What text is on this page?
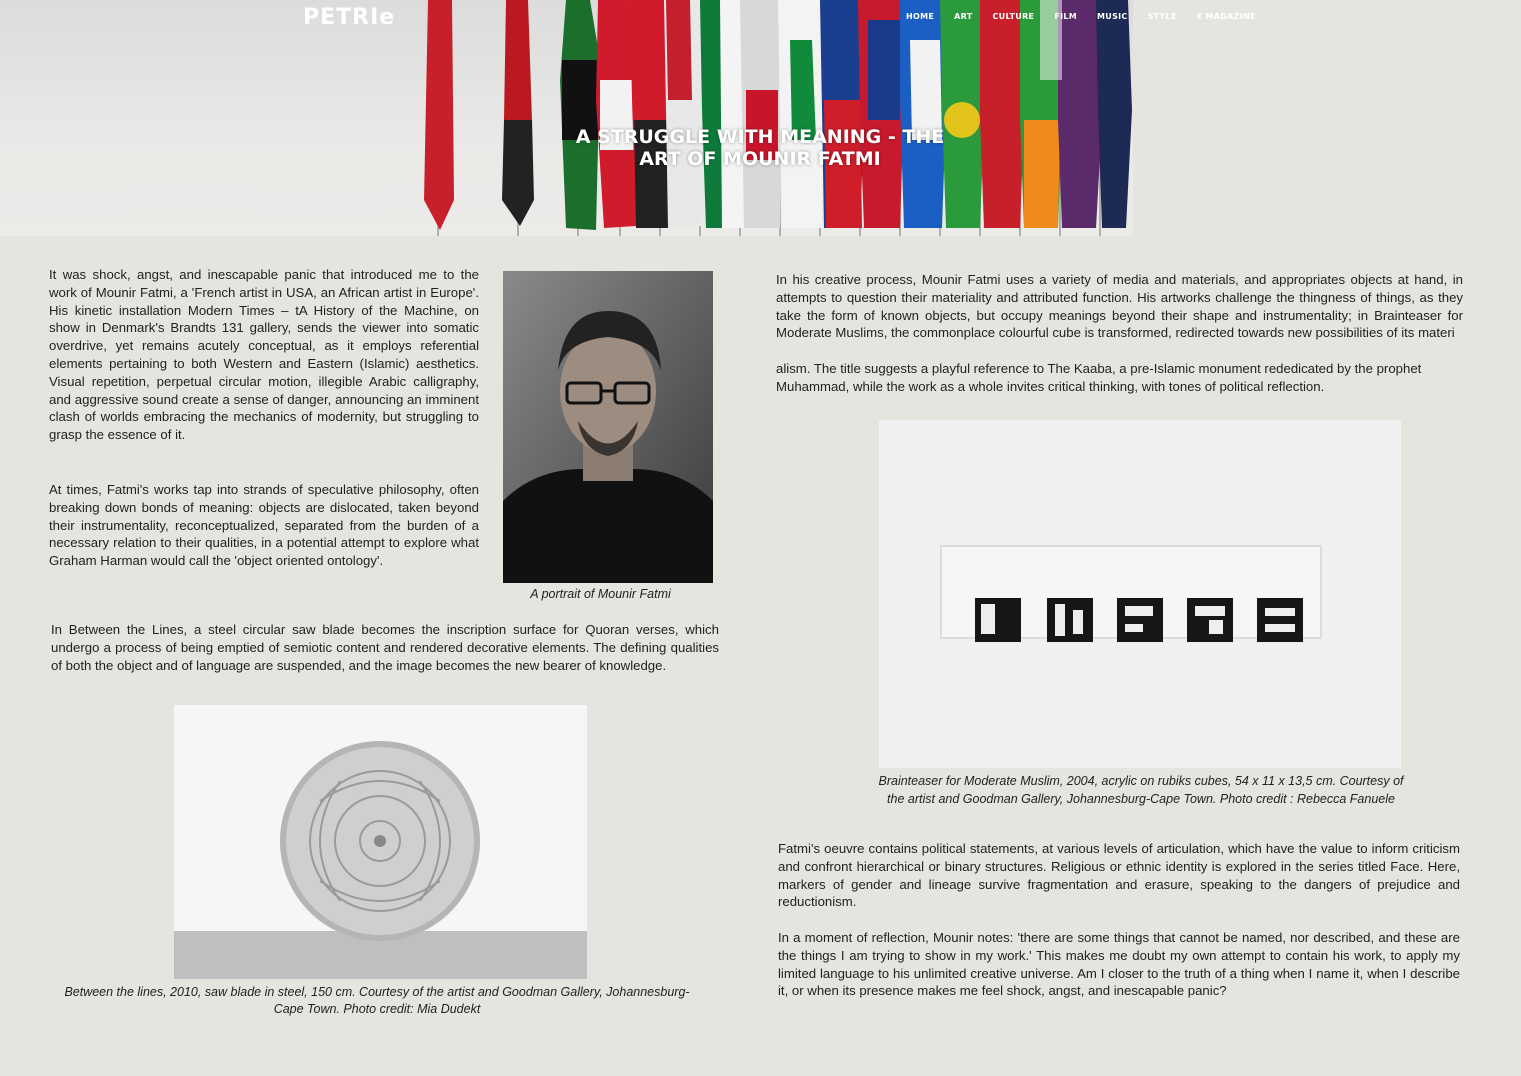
PETRIe	HOME	ART	CULTURE	FILM	MUSIC	STYLE	E MAGAZINE
A STRUGGLE WITH MEANING - THE ART OF MOUNIR FATMI

It was shock, angst, and inescapable panic that introduced me to the work of Mounir Fatmi, a 'French artist in USA, an African artist in Europe'. His kinetic installation Modern Times – tA History of the Machine, on show in Denmark's Brandts 131 gallery, sends the viewer into somatic overdrive, yet remains acutely conceptual, as it employs referential elements pertaining to both Western and Eastern (Islamic) aesthetics. Visual repetition, perpetual circular motion, illegible Arabic calligraphy, and aggressive sound create a sense of danger, announcing an imminent clash of worlds embracing the mechanics of modernity, but struggling to grasp the essence of it.

At times, Fatmi's works tap into strands of speculative philosophy, often breaking down bonds of meaning: objects are dislocated, taken beyond their instrumentality, reconceptualized, separated from the burden of a necessary relation to their qualities, in a potential attempt to explore what Graham Harman would call the 'object oriented ontology'.

A portrait of Mounir Fatmi

In Between the Lines, a steel circular saw blade becomes the inscription surface for Quoran verses, which undergo a process of being emptied of semiotic content and rendered decorative elements. The defining qualities of both the object and of language are suspended, and the image becomes the new bearer of knowledge.

Between the lines, 2010, saw blade in steel, 150 cm. Courtesy of the artist and Goodman Gallery, Johannesburg-Cape Town. Photo credit: Mia Dudekt

In his creative process, Mounir Fatmi uses a variety of media and materials, and appropriates objects at hand, in attempts to question their materiality and attributed function. His artworks challenge the thingness of things, as they take the form of known objects, but occupy meanings beyond their shape and instrumentality; in Brainteaser for Moderate Muslims, the commonplace colourful cube is transformed, redirected towards new possibilities of its materi

alism. The title suggests a playful reference to The Kaaba, a pre-Islamic monument rededicated by the prophet Muhammad, while the work as a whole invites critical thinking, with tones of political reflection.

Brainteaser for Moderate Muslim, 2004, acrylic on rubiks cubes, 54 x 11 x 13,5 cm. Courtesy of
the artist and Goodman Gallery, Johannesburg-Cape Town. Photo credit : Rebecca Fanuele

Fatmi's oeuvre contains political statements, at various levels of articulation, which have the value to inform criticism and confront hierarchical or binary structures. Religious or ethnic identity is explored in the series titled Face. Here, markers of gender and lineage survive fragmentation and erasure, speaking to the dangers of prejudice and reductionism.

In a moment of reflection, Mounir notes: 'there are some things that cannot be named, nor described, and these are the things I am trying to show in my work.' This makes me doubt my own attempt to contain his work, to apply my limited language to his unlimited creative universe. Am I closer to the truth of a thing when I name it, when I describe it, or when its presence makes me feel shock, angst, and inescapable panic?
